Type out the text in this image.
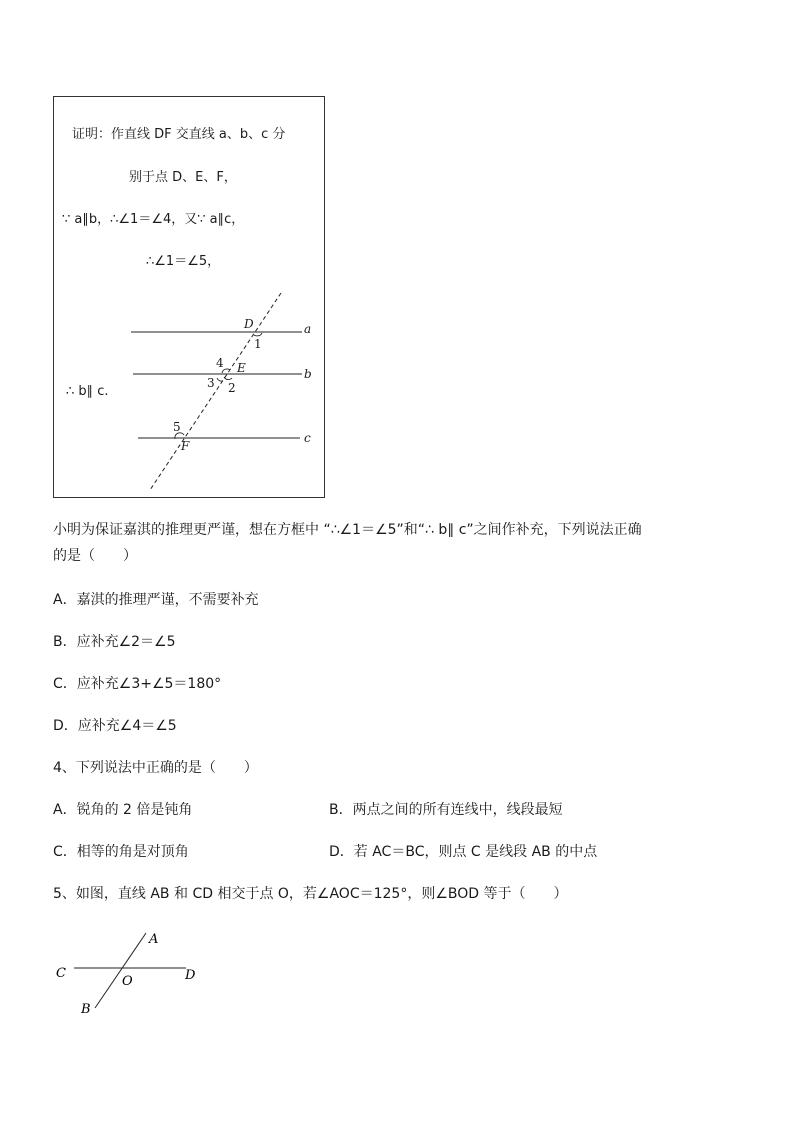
证明：作直线 DF 交直线 a、b、c 分
别于点 D、E、F，
∵ a∥b，∴∠1＝∠4，又∵ a∥c，
∴∠1＝∠5，
∴ b∥ c.
D	a
1
4 E	b
3 2
5
c
F
小明为保证嘉淇的推理更严谨，想在方框中 “∴∠1＝∠5”和“∴ b∥ c”之间作补充，下列说法正确
的是（　　）
A．嘉淇的推理严谨，不需要补充
B．应补充∠2＝∠5
C．应补充∠3+∠5＝180°
D．应补充∠4＝∠5
4、下列说法中正确的是（　　）
A．锐角的 2 倍是钝角	B．两点之间的所有连线中，线段最短
C．相等的角是对顶角	D．若 AC＝BC，则点 C 是线段 AB 的中点
5、如图，直线 AB 和 CD 相交于点 O，若∠AOC＝125°，则∠BOD 等于（　　）
A
C
O	D
B
